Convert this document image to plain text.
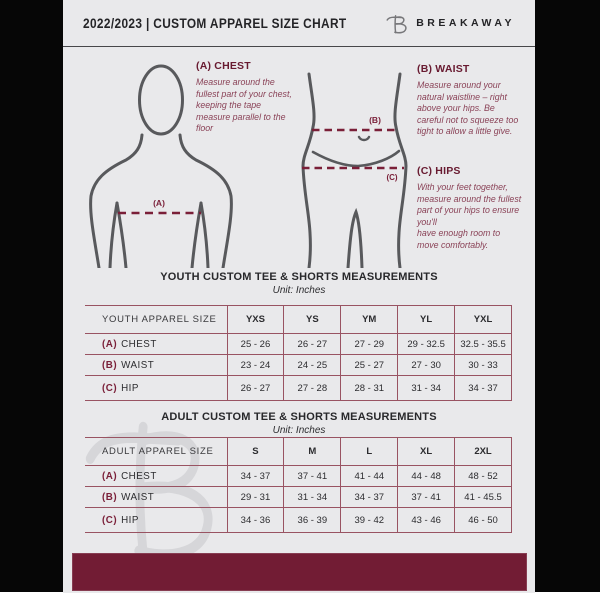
2022/2023 | CUSTOM APPAREL SIZE CHART	BREAKAWAY
(A)
(B)
(C)
(A) CHEST
Measure around the fullest part of your chest, keeping the tape measure parallel to the floor
(B) WAIST
Measure around your natural waistline – right above your hips. Be careful not to squeeze too tight to allow a little give.
(C) HIPS
With your feet together, measure around the fullest part of your hips to ensure you'll
have enough room to move comfortably.
YOUTH CUSTOM TEE & SHORTS MEASUREMENTS
Unit: Inches
YOUTH APPAREL SIZE	YXS	YS	YM	YL	YXL
(A) CHEST	25 - 26	26 - 27	27 - 29	29 - 32.5	32.5 - 35.5
(B) WAIST	23 - 24	24 - 25	25 - 27	27 - 30	30 - 33
(C) HIP	26 - 27	27 - 28	28 - 31	31 - 34	34 - 37
ADULT CUSTOM TEE & SHORTS MEASUREMENTS
Unit: Inches
ADULT APPAREL SIZE	S	M	L	XL	2XL
(A) CHEST	34 - 37	37 - 41	41 - 44	44 - 48	48 - 52
(B) WAIST	29 - 31	31 - 34	34 - 37	37 - 41	41 - 45.5
(C) HIP	34 - 36	36 - 39	39 - 42	43 - 46	46 - 50
